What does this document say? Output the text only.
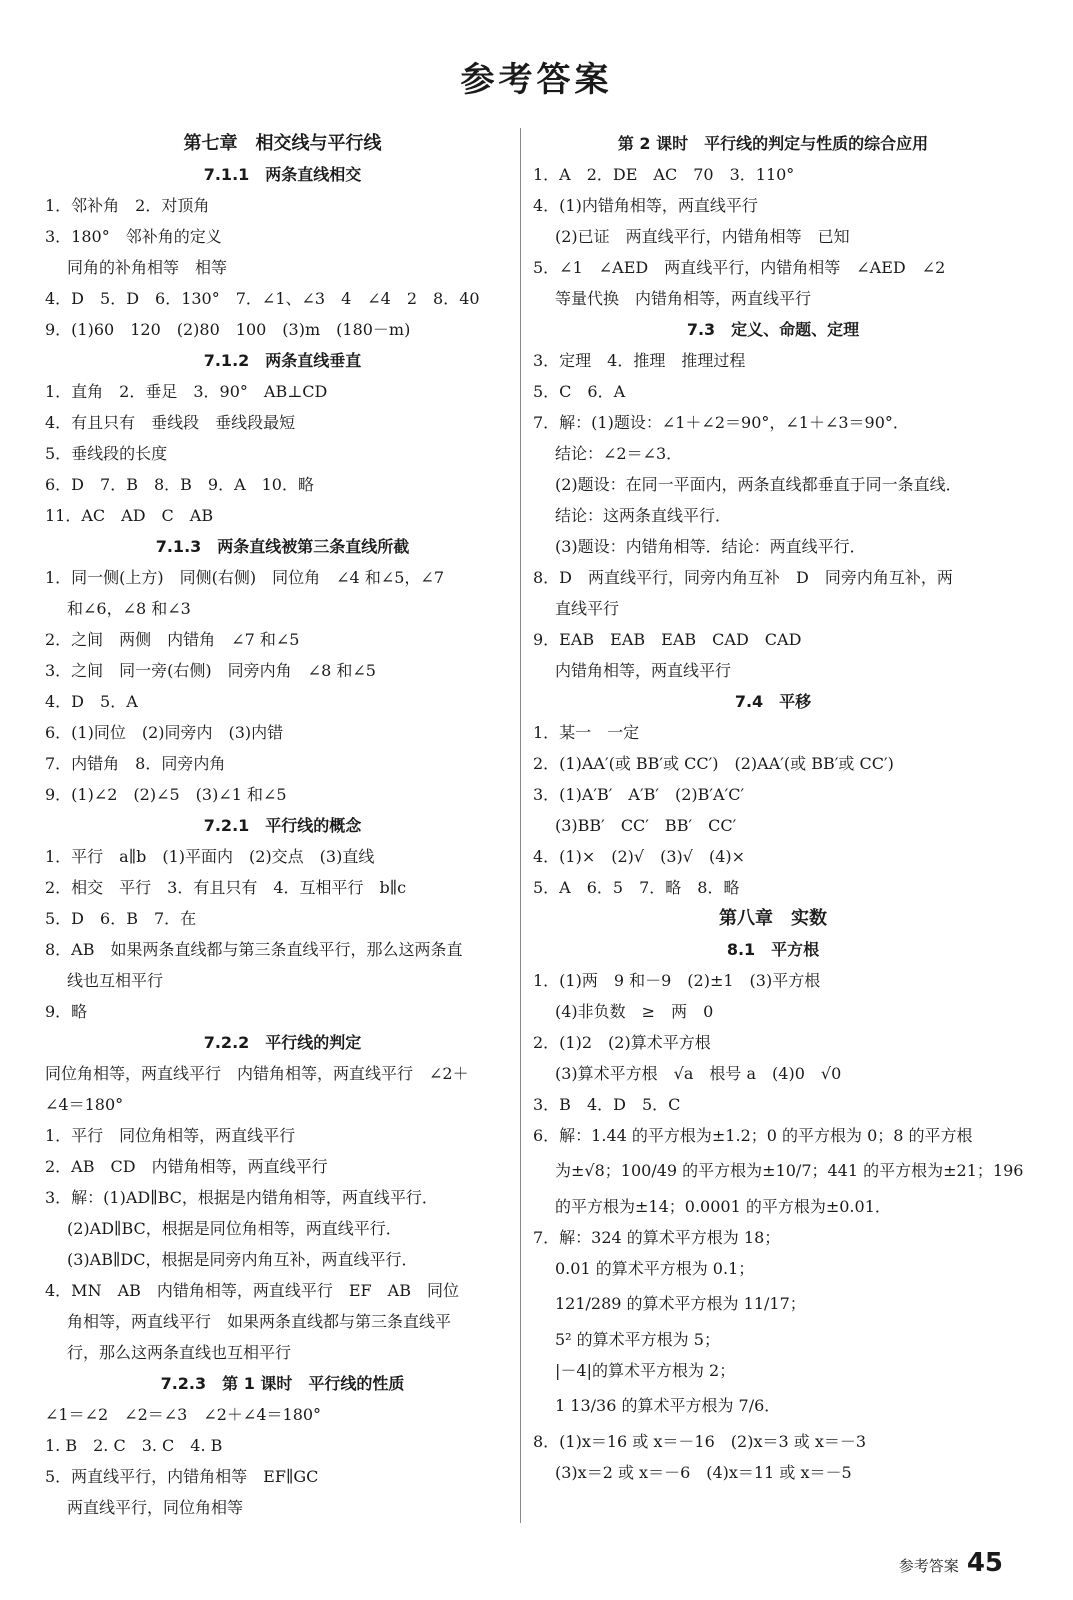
参考答案
第七章　相交线与平行线
7.1.1　两条直线相交
1．邻补角　2．对顶角
3．180°　邻补角的定义
同角的补角相等　相等
4．D　5．D　6．130°　7．∠1、∠3　4　∠4　2　8．40
9．(1)60　120　(2)80　100　(3)m　(180－m)
7.1.2　两条直线垂直
1．直角　2．垂足　3．90°　AB⊥CD
4．有且只有　垂线段　垂线段最短
5．垂线段的长度
6．D　7．B　8．B　9．A　10．略
11．AC　AD　C　AB
7.1.3　两条直线被第三条直线所截
1．同一侧(上方)　同侧(右侧)　同位角　∠4 和∠5，∠7
和∠6，∠8 和∠3
2．之间　两侧　内错角　∠7 和∠5
3．之间　同一旁(右侧)　同旁内角　∠8 和∠5
4．D　5．A
6．(1)同位　(2)同旁内　(3)内错
7．内错角　8．同旁内角
9．(1)∠2　(2)∠5　(3)∠1 和∠5
7.2.1　平行线的概念
1．平行　a∥b　(1)平面内　(2)交点　(3)直线
2．相交　平行　3．有且只有　4．互相平行　b∥c
5．D　6．B　7．在
8．AB　如果两条直线都与第三条直线平行，那么这两条直
线也互相平行
9．略
7.2.2　平行线的判定
同位角相等，两直线平行　内错角相等，两直线平行　∠2＋
∠4＝180°
1．平行　同位角相等，两直线平行
2．AB　CD　内错角相等，两直线平行
3．解：(1)AD∥BC，根据是内错角相等，两直线平行．
(2)AD∥BC，根据是同位角相等，两直线平行．
(3)AB∥DC，根据是同旁内角互补，两直线平行．
4．MN　AB　内错角相等，两直线平行　EF　AB　同位
角相等，两直线平行　如果两条直线都与第三条直线平
行，那么这两条直线也互相平行
7.2.3　第 1 课时　平行线的性质
∠1＝∠2　∠2＝∠3　∠2＋∠4＝180°
1. B　2. C　3. C　4. B
5．两直线平行，内错角相等　EF∥GC
两直线平行，同位角相等
第 2 课时　平行线的判定与性质的综合应用
1．A　2．DE　AC　70　3．110°
4．(1)内错角相等，两直线平行
(2)已证　两直线平行，内错角相等　已知
5．∠1　∠AED　两直线平行，内错角相等　∠AED　∠2
等量代换　内错角相等，两直线平行
7.3　定义、命题、定理
3．定理　4．推理　推理过程
5．C　6．A
7．解：(1)题设：∠1＋∠2＝90°，∠1＋∠3＝90°．
结论：∠2＝∠3．
(2)题设：在同一平面内，两条直线都垂直于同一条直线．
结论：这两条直线平行．
(3)题设：内错角相等．结论：两直线平行．
8．D　两直线平行，同旁内角互补　D　同旁内角互补，两
直线平行
9．EAB　EAB　EAB　CAD　CAD
内错角相等，两直线平行
7.4　平移
1．某一　一定
2．(1)AA′(或 BB′或 CC′)　(2)AA′(或 BB′或 CC′)
3．(1)A′B′　A′B′　(2)B′A′C′
(3)BB′　CC′　BB′　CC′
4．(1)×　(2)√　(3)√　(4)×
5．A　6．5　7．略　8．略
第八章　实数
8.1　平方根
1．(1)两　9 和－9　(2)±1　(3)平方根
(4)非负数　≥　两　0
2．(1)2　(2)算术平方根
(3)算术平方根　√a　根号 a　(4)0　√0
3．B　4．D　5．C
6．解：1.44 的平方根为±1.2；0 的平方根为 0；8 的平方根
为±√8；100/49 的平方根为±10/7；441 的平方根为±21；196
的平方根为±14；0.0001 的平方根为±0.01．
7．解：324 的算术平方根为 18；
0.01 的算术平方根为 0.1；
121/289 的算术平方根为 11/17；
5² 的算术平方根为 5；
|－4|的算术平方根为 2；
1 13/36 的算术平方根为 7/6．
8．(1)x＝16 或 x＝－16　(2)x＝3 或 x＝－3
(3)x＝2 或 x＝－6　(4)x＝11 或 x＝－5
参考答案 45
